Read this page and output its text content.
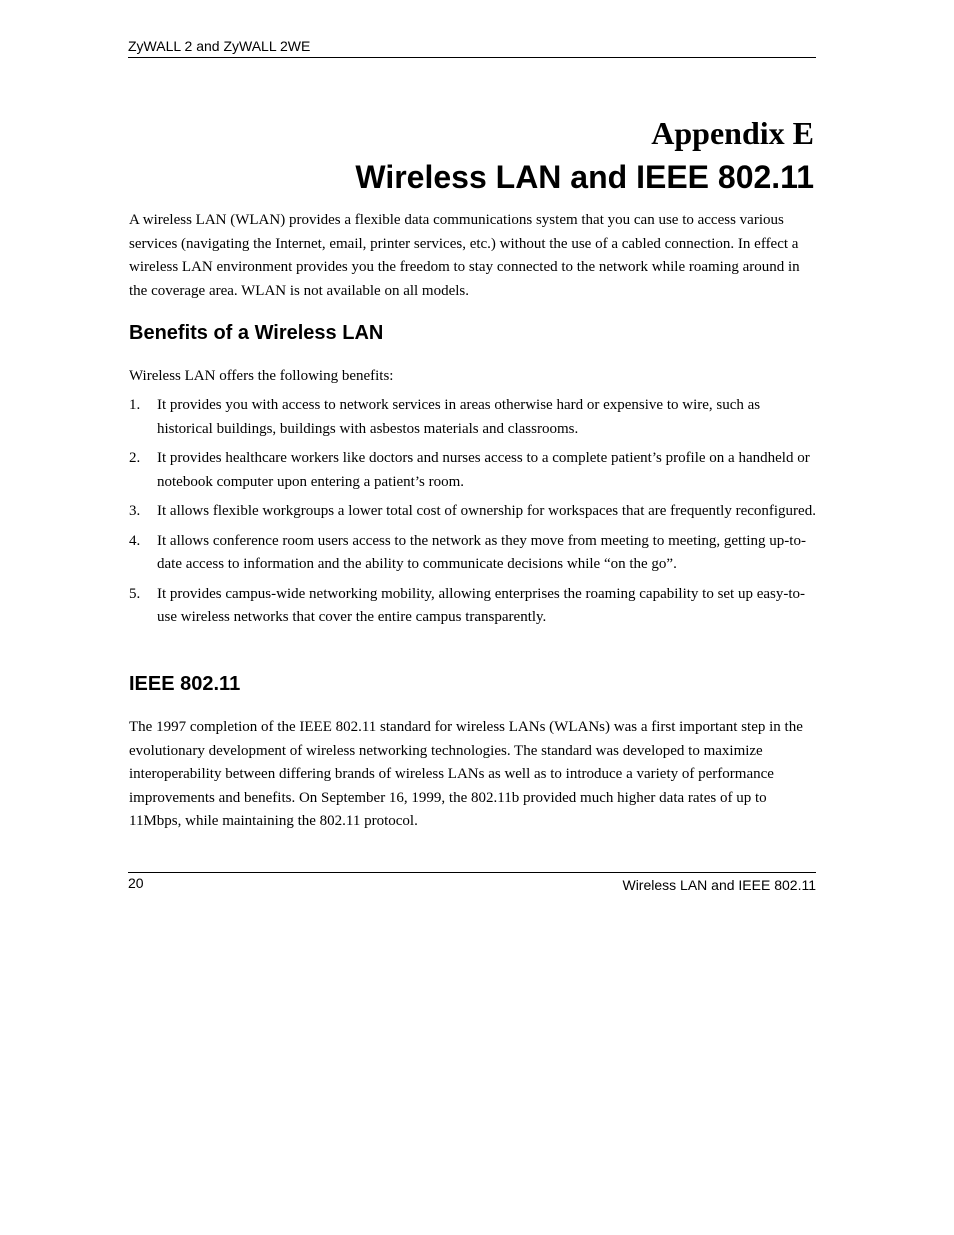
ZyWALL 2 and ZyWALL 2WE
Appendix E
Wireless LAN and IEEE 802.11

A wireless LAN (WLAN) provides a flexible data communications system that you can use to access various services (navigating the Internet, email, printer services, etc.) without the use of a cabled connection. In effect a wireless LAN environment provides you the freedom to stay connected to the network while roaming around in the coverage area. WLAN is not available on all models.

Benefits of a Wireless LAN

Wireless LAN offers the following benefits:

1. It provides you with access to network services in areas otherwise hard or expensive to wire, such as historical buildings, buildings with asbestos materials and classrooms.
2. It provides healthcare workers like doctors and nurses access to a complete patient’s profile on a handheld or notebook computer upon entering a patient’s room.
3. It allows flexible workgroups a lower total cost of ownership for workspaces that are frequently reconfigured.
4. It allows conference room users access to the network as they move from meeting to meeting, getting up-to-date access to information and the ability to communicate decisions while “on the go”.
5. It provides campus-wide networking mobility, allowing enterprises the roaming capability to set up easy-to-use wireless networks that cover the entire campus transparently.
IEEE 802.11

The 1997 completion of the IEEE 802.11 standard for wireless LANs (WLANs) was a first important step in the evolutionary development of wireless networking technologies. The standard was developed to maximize interoperability between differing brands of wireless LANs as well as to introduce a variety of performance improvements and benefits. On September 16, 1999, the 802.11b provided much higher data rates of up to 11Mbps, while maintaining the 802.11 protocol.

20	Wireless LAN and IEEE 802.11
